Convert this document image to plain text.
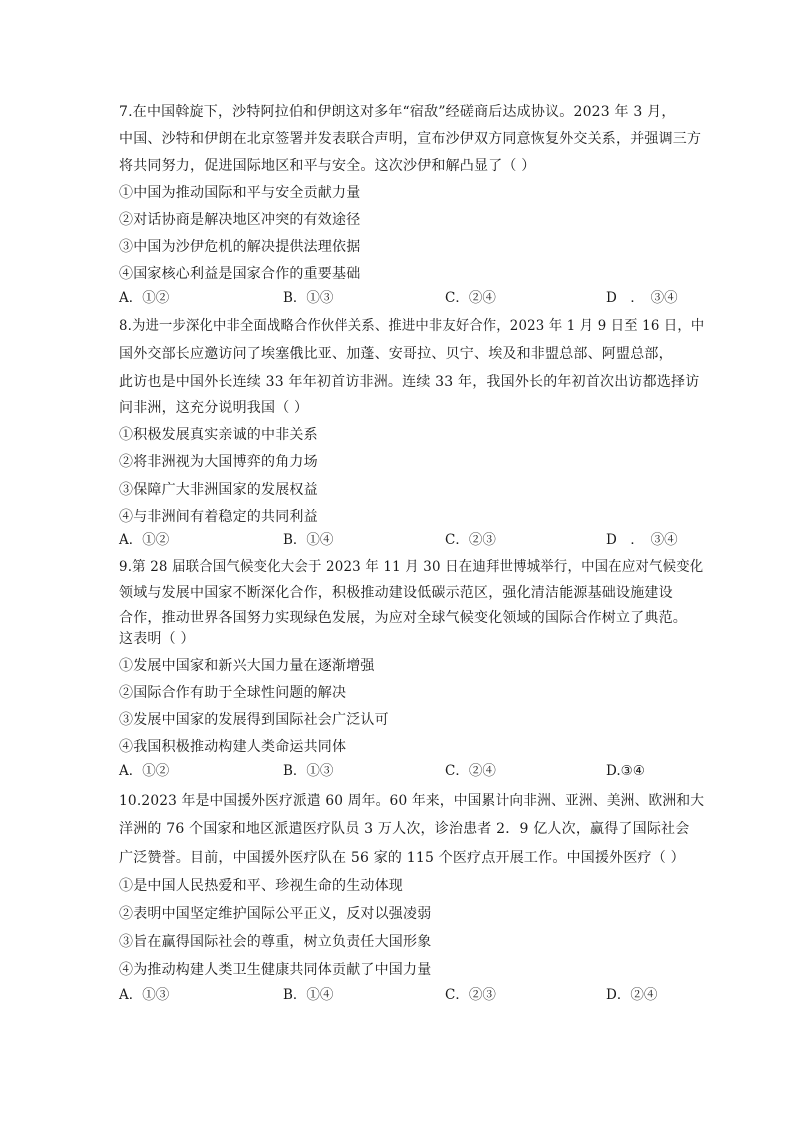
7.在中国斡旋下，沙特阿拉伯和伊朗这对多年“宿敌”经磋商后达成协议。2023 年 3 月，
中国、沙特和伊朗在北京签署并发表联合声明，宣布沙伊双方同意恢复外交关系，并强调三方
将共同努力，促进国际地区和平与安全。这次沙伊和解凸显了（ ）
①中国为推动国际和平与安全贡献力量
②对话协商是解决地区冲突的有效途径
③中国为沙伊危机的解决提供法理依据
④国家核心利益是国家合作的重要基础
A．①②	B．①③	C．②④	D　．　③④
8.为进一步深化中非全面战略合作伙伴关系、推进中非友好合作，2023 年 1 月 9 日至 16 日，中
国外交部长应邀访问了埃塞俄比亚、加蓬、安哥拉、贝宁、埃及和非盟总部、阿盟总部，
此访也是中国外长连续 33 年年初首访非洲。连续 33 年，我国外长的年初首次出访都选择访
问非洲，这充分说明我国（ ）
①积极发展真实亲诚的中非关系
②将非洲视为大国博弈的角力场
③保障广大非洲国家的发展权益
④与非洲间有着稳定的共同利益
A．①②	B．①④	C．②③	D　．　③④
9.第 28 届联合国气候变化大会于 2023 年 11 月 30 日在迪拜世博城举行，中国在应对气候变化
领域与发展中国家不断深化合作，积极推动建设低碳示范区，强化清洁能源基础设施建设
合作，推动世界各国努力实现绿色发展，为应对全球气候变化领域的国际合作树立了典范。
这表明（ ）
①发展中国家和新兴大国力量在逐渐增强
②国际合作有助于全球性问题的解决
③发展中国家的发展得到国际社会广泛认可
④我国积极推动构建人类命运共同体
A．①②	B．①③	C．②④	D.③④
10.2023 年是中国援外医疗派遣 60 周年。60 年来，中国累计向非洲、亚洲、美洲、欧洲和大
洋洲的 76 个国家和地区派遣医疗队员 3 万人次，诊治患者 2．9 亿人次，赢得了国际社会
广泛赞誉。目前，中国援外医疗队在 56 家的 115 个医疗点开展工作。中国援外医疗（ ）
①是中国人民热爱和平、珍视生命的生动体现
②表明中国坚定维护国际公平正义，反对以强凌弱
③旨在赢得国际社会的尊重，树立负责任大国形象
④为推动构建人类卫生健康共同体贡献了中国力量
A．①③	B．①④	C．②③	D．②④
